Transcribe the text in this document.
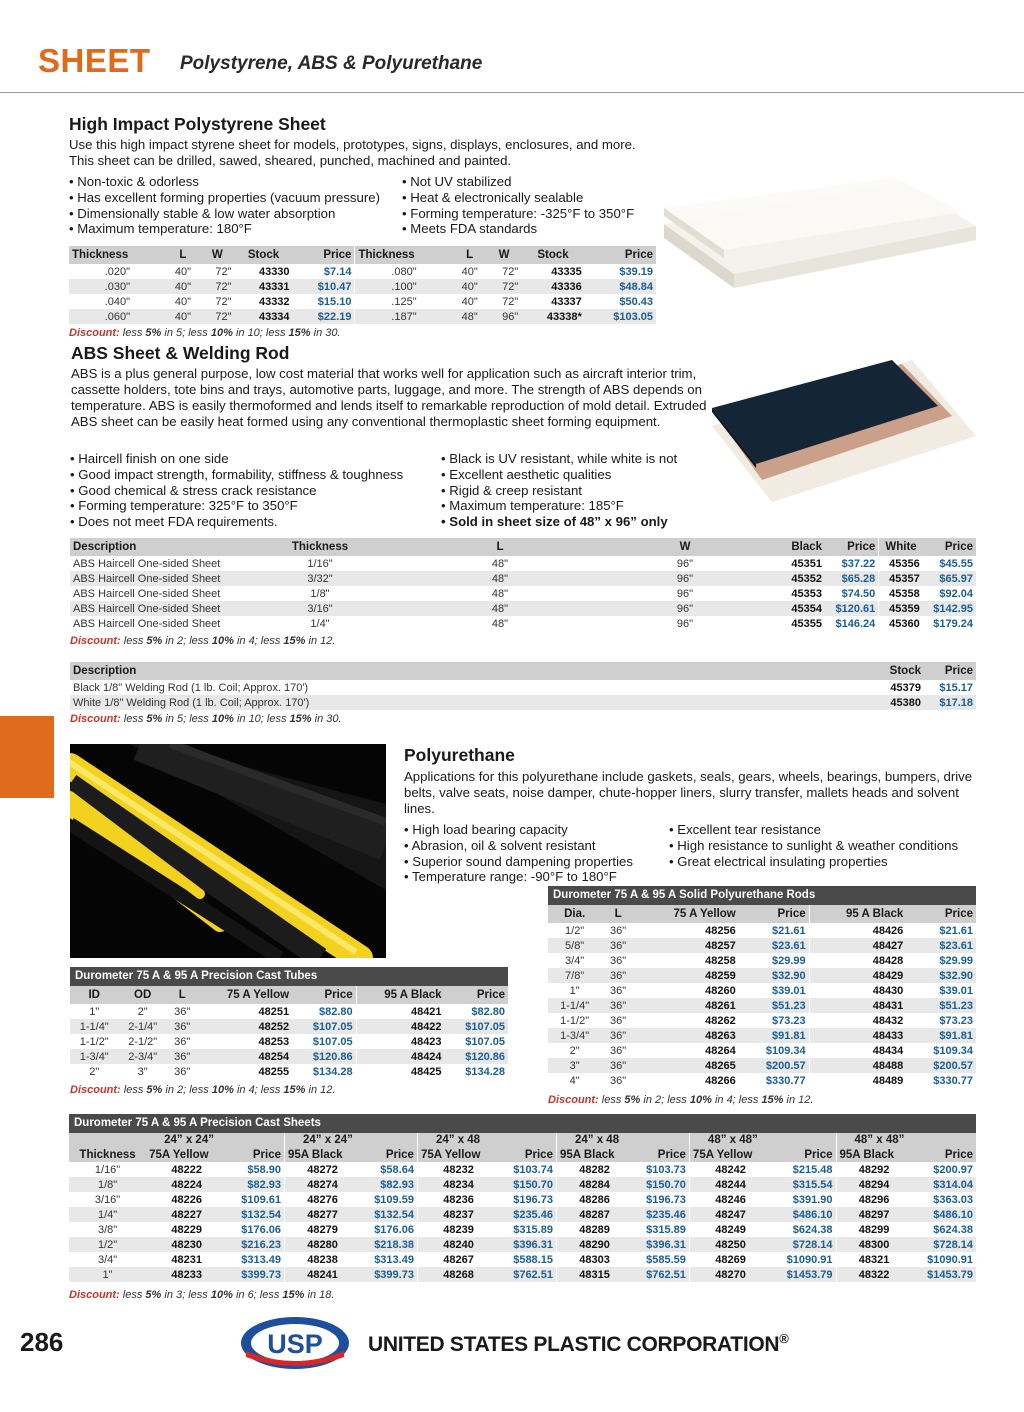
SHEET Polystyrene, ABS & Polyurethane
High Impact Polystyrene Sheet
Use this high impact styrene sheet for models, prototypes, signs, displays, enclosures, and more. This sheet can be drilled, sawed, sheared, punched, machined and painted.
• Non-toxic & odorless
• Has excellent forming properties (vacuum pressure)
• Dimensionally stable & low water absorption
• Maximum temperature: 180°F
• Not UV stabilized
• Heat & electronically sealable
• Forming temperature: -325°F to 350°F
• Meets FDA standards
Thickness	L	W	Stock	Price	Thickness	L	W	Stock	Price
.020"	40"	72"	43330	$7.14	.080"	40"	72"	43335	$39.19
.030"	40"	72"	43331	$10.47	.100"	40"	72"	43336	$48.84
.040"	40"	72"	43332	$15.10	.125"	40"	72"	43337	$50.43
.060"	40"	72"	43334	$22.19	.187"	48"	96"	43338*	$103.05
Discount: less 5% in 5; less 10% in 10; less 15% in 30.
ABS Sheet & Welding Rod
ABS is a plus general purpose, low cost material that works well for application such as aircraft interior trim, cassette holders, tote bins and trays, automotive parts, luggage, and more. The strength of ABS depends on temperature. ABS is easily thermoformed and lends itself to remarkable reproduction of mold detail. Extruded ABS sheet can be easily heat formed using any conventional thermoplastic sheet forming equipment.
• Haircell finish on one side
• Good impact strength, formability, stiffness & toughness
• Good chemical & stress crack resistance
• Forming temperature: 325°F to 350°F
• Does not meet FDA requirements.
• Black is UV resistant, while white is not
• Excellent aesthetic qualities
• Rigid & creep resistant
• Maximum temperature: 185°F
• Sold in sheet size of 48” x 96” only
Description	Thickness	L	W	Black	Price	White	Price
ABS Haircell One-sided Sheet	1/16"	48"	96"	45351	$37.22	45356	$45.55
ABS Haircell One-sided Sheet	3/32"	48"	96"	45352	$65.28	45357	$65.97
ABS Haircell One-sided Sheet	1/8"	48"	96"	45353	$74.50	45358	$92.04
ABS Haircell One-sided Sheet	3/16"	48"	96"	45354	$120.61	45359	$142.95
ABS Haircell One-sided Sheet	1/4"	48"	96"	45355	$146.24	45360	$179.24
Discount: less 5% in 2; less 10% in 4; less 15% in 12.
Description	Stock	Price
Black 1/8" Welding Rod (1 lb. Coil; Approx. 170')	45379	$15.17
White 1/8" Welding Rod (1 lb. Coil; Approx. 170')	45380	$17.18
Discount: less 5% in 5; less 10% in 10; less 15% in 30.
Polyurethane
Applications for this polyurethane include gaskets, seals, gears, wheels, bearings, bumpers, drive belts, valve seats, noise damper, chute-hopper liners, slurry transfer, mallets heads and solvent lines.
• High load bearing capacity
• Abrasion, oil & solvent resistant
• Superior sound dampening properties
• Temperature range: -90°F to 180°F
• Excellent tear resistance
• High resistance to sunlight & weather conditions
• Great electrical insulating properties
Durometer 75 A & 95 A Solid Polyurethane Rods
Dia.	L	75 A Yellow	Price	95 A Black	Price
1/2"	36"	48256	$21.61	48426	$21.61
5/8"	36"	48257	$23.61	48427	$23.61
3/4"	36"	48258	$29.99	48428	$29.99
7/8"	36"	48259	$32.90	48429	$32.90
1"	36"	48260	$39.01	48430	$39.01
1-1/4"	36"	48261	$51.23	48431	$51.23
1-1/2"	36"	48262	$73.23	48432	$73.23
1-3/4"	36"	48263	$91.81	48433	$91.81
2"	36"	48264	$109.34	48434	$109.34
3"	36"	48265	$200.57	48488	$200.57
4"	36"	48266	$330.77	48489	$330.77
Discount: less 5% in 2; less 10% in 4; less 15% in 12.
Durometer 75 A & 95 A Precision Cast Tubes
ID	OD	L	75 A Yellow	Price	95 A Black	Price
1"	2"	36"	48251	$82.80	48421	$82.80
1-1/4"	2-1/4"	36"	48252	$107.05	48422	$107.05
1-1/2"	2-1/2"	36"	48253	$107.05	48423	$107.05
1-3/4"	2-3/4"	36"	48254	$120.86	48424	$120.86
2"	3"	36"	48255	$134.28	48425	$134.28
Discount: less 5% in 2; less 10% in 4; less 15% in 12.
Durometer 75 A & 95 A Precision Cast Sheets
	24” x 24”		24” x 24”		24” x 48		24” x 48		48” x 48”		48” x 48”	
Thickness	75A Yellow	Price	95A Black	Price	75A Yellow	Price	95A Black	Price	75A Yellow	Price	95A Black	Price
1/16"	48222	$58.90	48272	$58.64	48232	$103.74	48282	$103.73	48242	$215.48	48292	$200.97
1/8"	48224	$82.93	48274	$82.93	48234	$150.70	48284	$150.70	48244	$315.54	48294	$314.04
3/16"	48226	$109.61	48276	$109.59	48236	$196.73	48286	$196.73	48246	$391.90	48296	$363.03
1/4"	48227	$132.54	48277	$132.54	48237	$235.46	48287	$235.46	48247	$486.10	48297	$486.10
3/8"	48229	$176.06	48279	$176.06	48239	$315.89	48289	$315.89	48249	$624.38	48299	$624.38
1/2"	48230	$216.23	48280	$218.38	48240	$396.31	48290	$396.31	48250	$728.14	48300	$728.14
3/4"	48231	$313.49	48238	$313.49	48267	$588.15	48303	$585.59	48269	$1090.91	48321	$1090.91
1"	48233	$399.73	48241	$399.73	48268	$762.51	48315	$762.51	48270	$1453.79	48322	$1453.79
Discount: less 5% in 3; less 10% in 6; less 15% in 18.
286	USP UNITED STATES PLASTIC CORPORATION®
